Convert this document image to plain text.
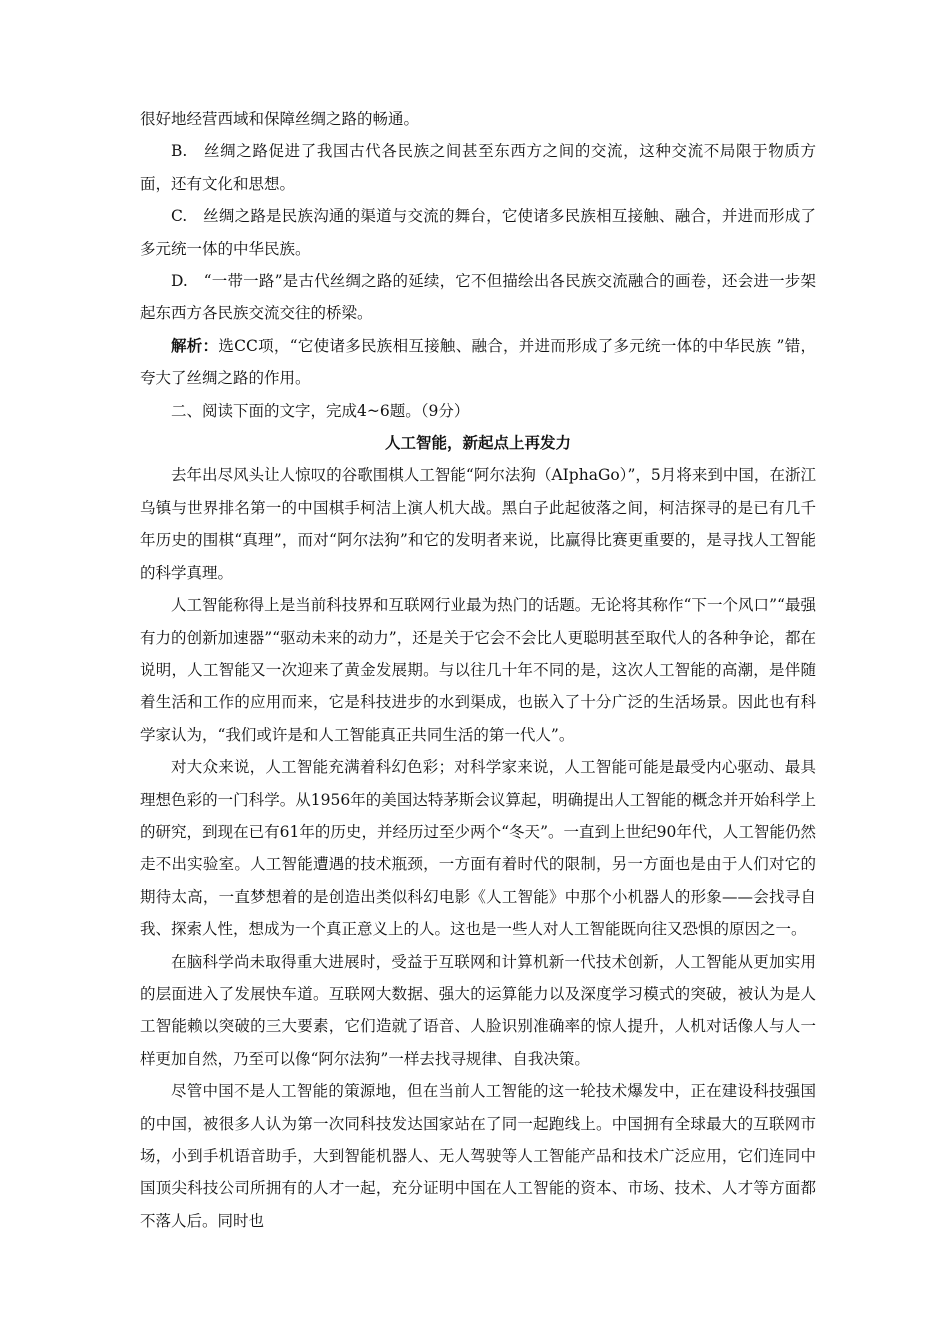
很好地经营西域和保障丝绸之路的畅通。

B.　丝绸之路促进了我国古代各民族之间甚至东西方之间的交流，这种交流不局限于物质方面，还有文化和思想。

C.　丝绸之路是民族沟通的渠道与交流的舞台，它使诸多民族相互接触、融合，并进而形成了多元统一体的中华民族。

D.　“一带一路”是古代丝绸之路的延续，它不但描绘出各民族交流融合的画卷，还会进一步架起东西方各民族交流交往的桥梁。

解析：选CC项，“它使诸多民族相互接触、融合，并进而形成了多元统一体的中华民族 ”错，夸大了丝绸之路的作用。

二、阅读下面的文字，完成4~6题。（9分）

人工智能，新起点上再发力

去年出尽风头让人惊叹的谷歌围棋人工智能“阿尔法狗（AIphaGo）”，5月将来到中国，在浙江乌镇与世界排名第一的中国棋手柯洁上演人机大战。黑白子此起彼落之间，柯洁探寻的是已有几千年历史的围棋“真理”，而对“阿尔法狗”和它的发明者来说，比赢得比赛更重要的，是寻找人工智能的科学真理。

人工智能称得上是当前科技界和互联网行业最为热门的话题。无论将其称作“下一个风口”“最强有力的创新加速器”“驱动未来的动力”，还是关于它会不会比人更聪明甚至取代人的各种争论，都在说明，人工智能又一次迎来了黄金发展期。与以往几十年不同的是，这次人工智能的高潮，是伴随着生活和工作的应用而来，它是科技进步的水到渠成，也嵌入了十分广泛的生活场景。因此也有科学家认为，“我们或许是和人工智能真正共同生活的第一代人”。

对大众来说，人工智能充满着科幻色彩；对科学家来说，人工智能可能是最受内心驱动、最具理想色彩的一门科学。从1956年的美国达特茅斯会议算起，明确提出人工智能的概念并开始科学上的研究，到现在已有61年的历史，并经历过至少两个“冬天”。一直到上世纪90年代，人工智能仍然走不出实验室。人工智能遭遇的技术瓶颈，一方面有着时代的限制，另一方面也是由于人们对它的期待太高，一直梦想着的是创造出类似科幻电影《人工智能》中那个小机器人的形象——会找寻自我、探索人性，想成为一个真正意义上的人。这也是一些人对人工智能既向往又恐惧的原因之一。

在脑科学尚未取得重大进展时，受益于互联网和计算机新一代技术创新，人工智能从更加实用的层面进入了发展快车道。互联网大数据、强大的运算能力以及深度学习模式的突破，被认为是人工智能赖以突破的三大要素，它们造就了语音、人脸识别准确率的惊人提升，人机对话像人与人一样更加自然，乃至可以像“阿尔法狗”一样去找寻规律、自我决策。

尽管中国不是人工智能的策源地，但在当前人工智能的这一轮技术爆发中，正在建设科技强国的中国，被很多人认为第一次同科技发达国家站在了同一起跑线上。中国拥有全球最大的互联网市场，小到手机语音助手，大到智能机器人、无人驾驶等人工智能产品和技术广泛应用，它们连同中国顶尖科技公司所拥有的人才一起，充分证明中国在人工智能的资本、市场、技术、人才等方面都不落人后。同时也
